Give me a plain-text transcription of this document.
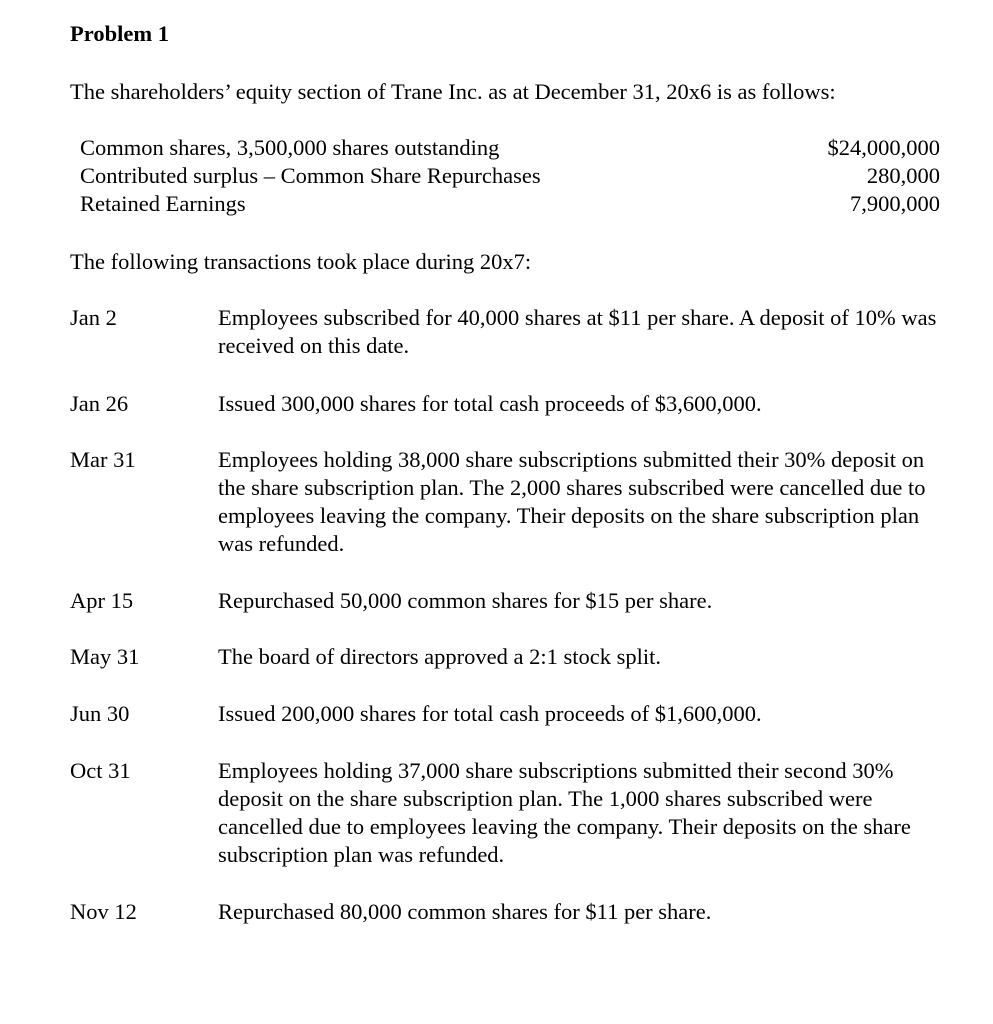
Problem 1
The shareholders’ equity section of Trane Inc. as at December 31, 20x6 is as follows:
Common shares, 3,500,000 shares outstanding	$24,000,000
Contributed surplus – Common Share Repurchases	280,000
Retained Earnings	7,900,000
The following transactions took place during 20x7:
Jan 2	Employees subscribed for 40,000 shares at $11 per share. A deposit of 10% was received on this date.
Jan 26	Issued 300,000 shares for total cash proceeds of $3,600,000.
Mar 31	Employees holding 38,000 share subscriptions submitted their 30% deposit on the share subscription plan. The 2,000 shares subscribed were cancelled due to employees leaving the company. Their deposits on the share subscription plan was refunded.
Apr 15	Repurchased 50,000 common shares for $15 per share.
May 31	The board of directors approved a 2:1 stock split.
Jun 30	Issued 200,000 shares for total cash proceeds of $1,600,000.
Oct 31	Employees holding 37,000 share subscriptions submitted their second 30% deposit on the share subscription plan. The 1,000 shares subscribed were cancelled due to employees leaving the company. Their deposits on the share subscription plan was refunded.
Nov 12	Repurchased 80,000 common shares for $11 per share.
